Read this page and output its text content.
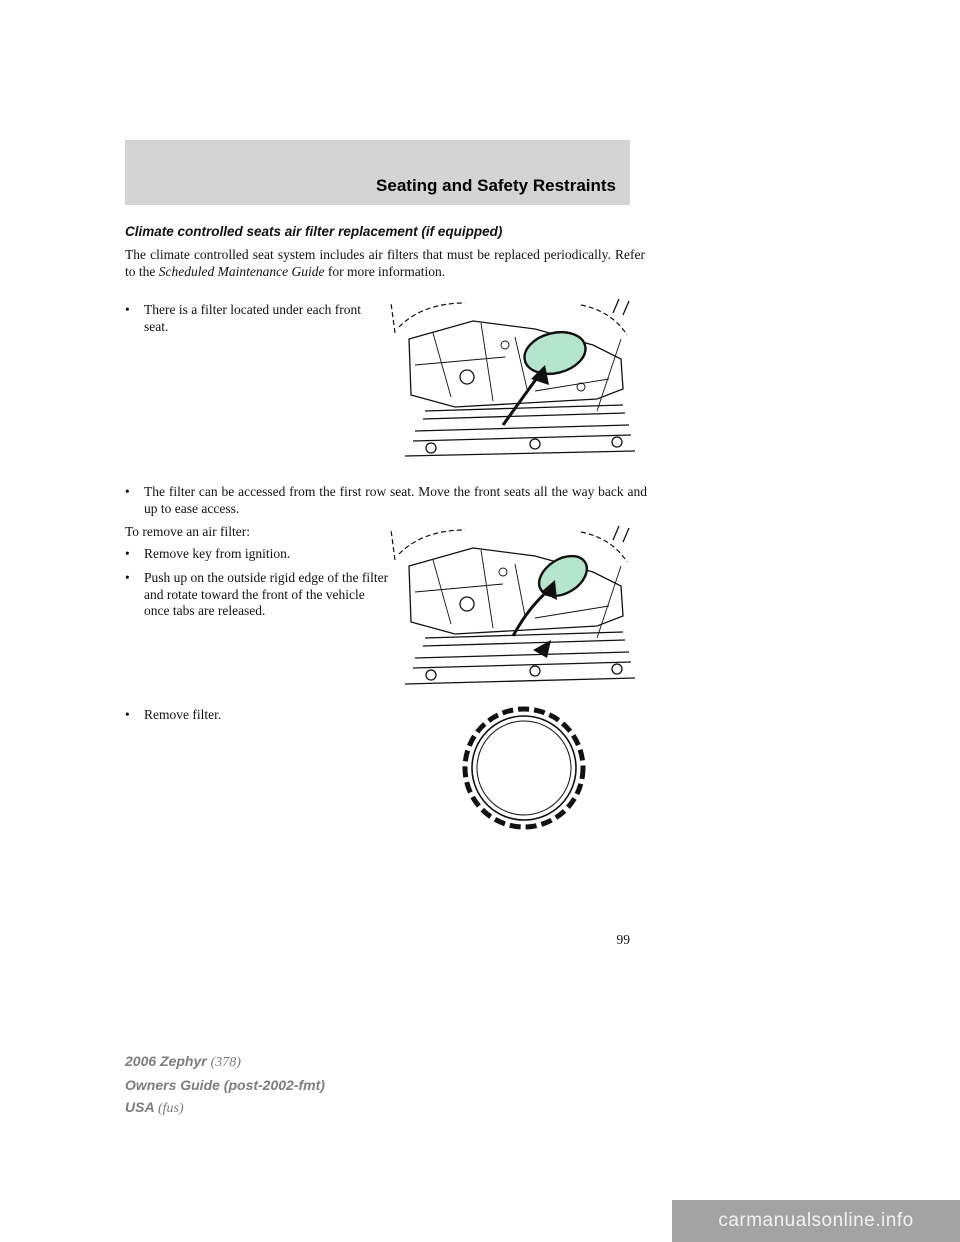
Seating and Safety Restraints
Climate controlled seats air filter replacement (if equipped)

The climate controlled seat system includes air filters that must be replaced periodically. Refer to the Scheduled Maintenance Guide for more information.

•	There is a filter located under each front seat.
•	The filter can be accessed from the first row seat. Move the front seats all the way back and up to ease access.
To remove an air filter:
•	Remove key from ignition.
•	Push up on the outside rigid edge of the filter and rotate toward the front of the vehicle once tabs are released.
•	Remove filter.
99
2006 Zephyr (378)
Owners Guide (post-2002-fmt)
USA (fus)
carmanualsonline.info
